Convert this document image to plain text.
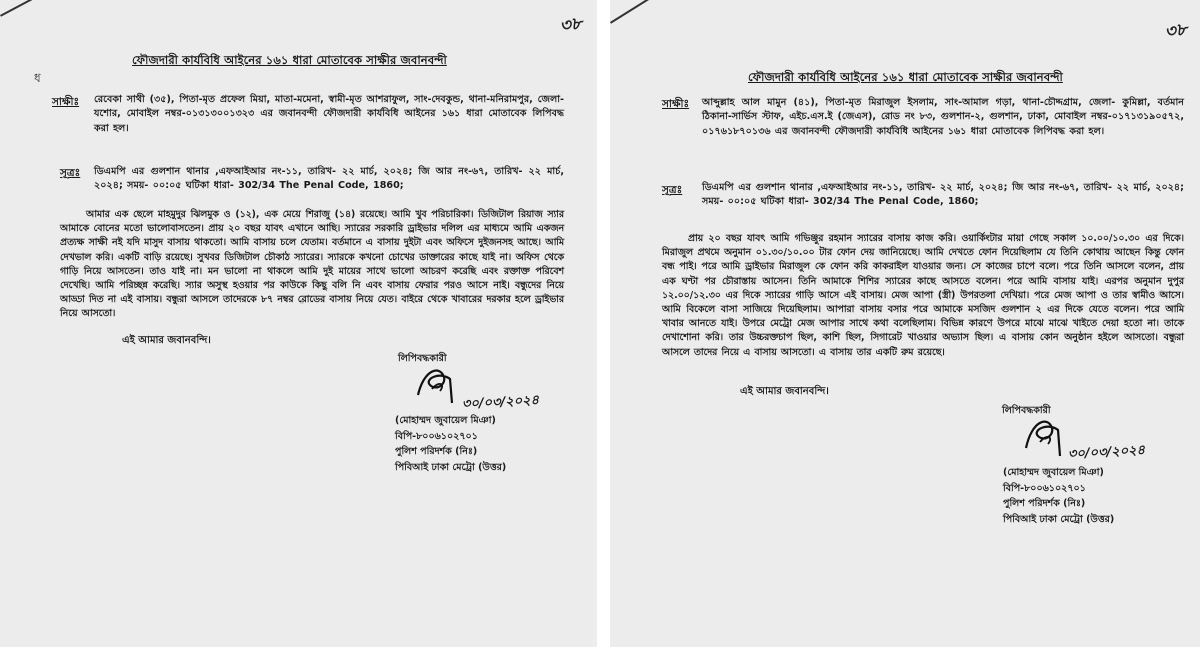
৩৮
ফৌজদারী কার্যবিধি আইনের ১৬১ ধারা মোতাবেক সাক্ষীর জবানবন্দী
ধ
সাক্ষীঃ রেবেকা সাথী (৩৫), পিতা-মৃত প্রফেল মিয়া, মাতা-মমেনা, স্বামী-মৃত আশরাফুল, সাং-দেবকুন্ড, থানা-মনিরামপুর, জেলা-যশোর, মোবাইল নম্বর-০১৩১৩০০১৩২৩ এর জবানবন্দী ফৌজদারী কার্যবিধি আইনের ১৬১ ধারা মোতাবেক লিপিবদ্ধ করা হল।
সূত্রঃ ডিএমপি এর গুলশান থানার ,এফআইআর নং-১১, তারিখ- ২২ মার্চ, ২০২৪; জি আর নং-৬৭, তারিখ- ২২ মার্চ, ২০২৪; সময়- ০০:০৫ ঘটিকা ধারা- 302/34 The Penal Code, 1860;
আমার এক ছেলে মাহমুদুর ঝিলমুক ও (১২), এক মেয়ে শিরাজু (১৪) রয়েছে। আমি খুব পরিচারিকা। ডিজিটাল রিয়াজ স্যার আমাকে বোনের মতো ভালোবাসতেন। প্রায় ২০ বছর যাবৎ এখানে আছি। স্যারের সরকারি ড্রাইভার দলিল এর মাধ্যমে আমি একজন প্রত্যক্ষ সাক্ষী নই যদি মাসুদ বাসায় থাকতো। আমি বাসায় চলে যেতাম। বর্তমানে এ বাসায় দুইটা এবং অফিসে দুইজনসহ আছে। আমি দেখভাল করি। একটি বাড়ি রয়েছে। সুখবর ডিজিটাল চৌকাঠ স্যারের। স্যারকে কখনো চোখের ডাক্তারের কাছে যাই না। অফিস থেকে গাড়ি নিয়ে আসতেন। তাও যাই না। মন ভালো না থাকলে আমি দুই মায়ের সাথে ভালো আচরণ করেছি এবং রক্তাক্ত পরিবেশ দেখেছি। আমি পরিচ্ছন্ন করেছি। স্যার অসুস্থ হওয়ার পর কাউকে কিছু বলি নি এবং বাসায় ফেরার পরও আসে নাই। বন্ধুদের নিয়ে আড্ডা দিত না এই বাসায়। বন্ধুরা আসলে তাদেরকে ৮৭ নম্বর রোডের বাসায় নিয়ে যেত। বাইরে থেকে খাবারের দরকার হলে ড্রাইভার নিয়ে আসতো।
এই আমার জবানবন্দি।
লিপিবদ্ধকারী
৩০/০৩/২০২৪
(মোহাম্মদ জুবায়েল মিঞা)
বিপি-৮০০৬১০২৭০১
পুলিশ পরিদর্শক (নিঃ)
পিবিআই ঢাকা মেট্রো (উত্তর)
৩৮
ফৌজদারী কার্যবিধি আইনের ১৬১ ধারা মোতাবেক সাক্ষীর জবানবন্দী
সাক্ষীঃ আব্দুল্লাহ আল মামুন (৪১), পিতা-মৃত মিরাজুল ইসলাম, সাং-আমাল গড়া, থানা-চৌদ্দগ্রাম, জেলা- কুমিল্লা, বর্তমান ঠিকানা-সার্ভিস স্টাফ, এইচ.এস.ই (জেএস), রোড নং ৮৩, গুলশান-২, গুলশান, ঢাকা, মোবাইল নম্বর-০১৭১৩১৯০৫৭২, ০১৭৬১৮৭০১৩৬ এর জবানবন্দী ফৌজদারী কার্যবিধি আইনের ১৬১ ধারা মোতাবেক লিপিবদ্ধ করা হল।
সূত্রঃ ডিএমপি এর গুলশান থানার ,এফআইআর নং-১১, তারিখ- ২২ মার্চ, ২০২৪; জি আর নং-৬৭, তারিখ- ২২ মার্চ, ২০২৪; সময়- ০০:০৫ ঘটিকা ধারা- 302/34 The Penal Code, 1860;
প্রায় ২০ বছর যাবৎ আমি গভিঞ্জুর রহমান স্যারের বাসায় কাজ করি। ওয়ার্কিংটার মায়া গেছে সকাল ১০.০০/১০.৩০ এর দিকে। মিরাজুল প্রথমে অনুমান ০১.৩০/১০.০০ টার ফোন দেয় জানিয়েছে। আমি দেখতে ফোন দিয়েছিলাম যে তিনি কোথায় আছেন কিন্তু ফোন বন্ধ পাই। পরে আমি ড্রাইভার মিরাজুল কে ফোন করি কাকরাইল যাওয়ার জন্য। সে কাজের চাপে বলে। পরে তিনি আসলে বলেন, প্রায় এক ঘণ্টা পর চৌরাস্তায় আসেন। তিনি আমাকে শিশির স্যারের কাছে আসতে বলেন। পরে আমি বাসায় যাই। এরপর অনুমান দুপুর ১২.০০/১২.৩০ এর দিকে স্যারের গাড়ি আসে এই বাসায়। মেজ আপা (স্ত্রী) উপরতলা দেখিয়া। পরে মেজ আপা ও তার স্বামীও আসে। আমি বিকেলে বাসা সাজিয়ে দিয়েছিলাম। আপারা বাসায় বসার পরে আমাকে মসজিদ গুলশান ২ এর দিকে যেতে বলেন। পরে আমি খাবার আনতে যাই। উপরে মেট্রো মেজ আপার সাথে কথা বলেছিলাম। বিভিন্ন কারণে উপরে মাঝে মাঝে খাইতে দেয়া হতো না। তাকে দেখাশোনা করি। তার উচ্চরক্তচাপ ছিল, কাশি ছিল, সিগারেট খাওয়ার অভ্যাস ছিল। এ বাসায় কোন অনুষ্ঠান হইলে আসতো। বন্ধুরা আসলে তাদের নিয়ে এ বাসায় আসতো। এ বাসায় তার একটি রুম রয়েছে।
এই আমার জবানবন্দি।
লিপিবদ্ধকারী
৩০/০৩/২০২৪
(মোহাম্মদ জুবায়েল মিঞা)
বিপি-৮০০৬১০২৭০১
পুলিশ পরিদর্শক (নিঃ)
পিবিআই ঢাকা মেট্রো (উত্তর)
